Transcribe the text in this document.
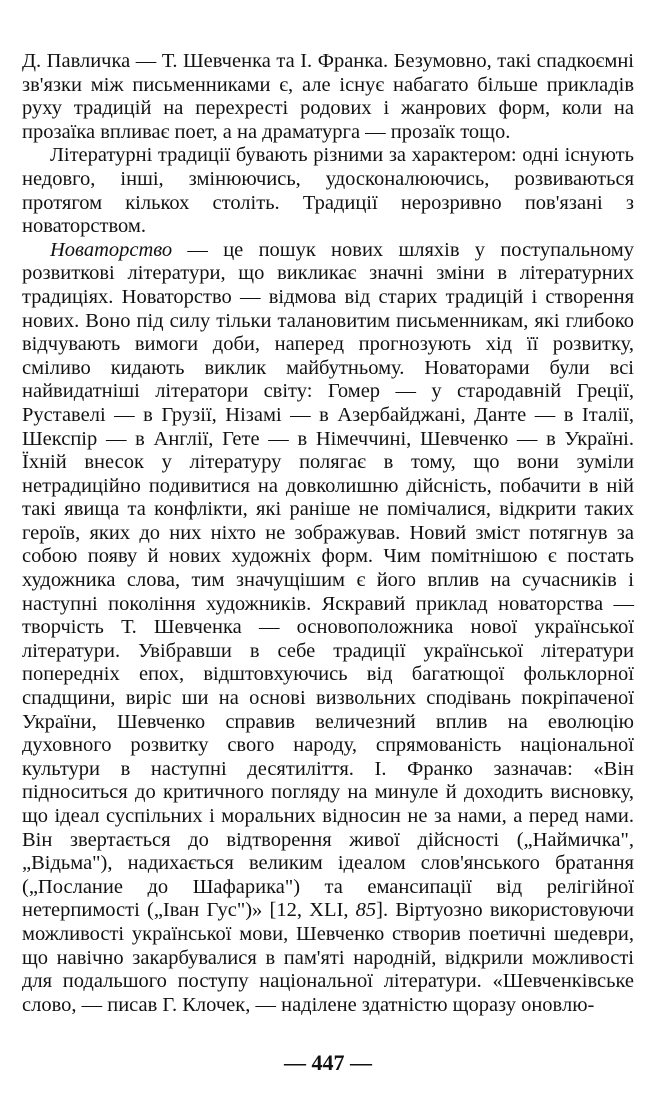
Д. Павличка — Т. Шевченка та І. Франка. Безумовно, такі спадкоємні зв'язки між письменниками є, але існує набагато більше прикладів руху традицій на перехресті родових і жанрових форм, коли на прозаїка впливає поет, а на драматурга — прозаїк тощо.

Літературні традиції бувають різними за характером: одні існують недовго, інші, змінюючись, удосконалюючись, розвиваються протягом кількох століть. Традиції нерозривно пов'язані з новаторством.

Новаторство — це пошук нових шляхів у поступальному розвиткові літератури, що викликає значні зміни в літературних традиціях. Новаторство — відмова від старих традицій і створення нових. Воно під силу тільки талановитим письменникам, які глибоко відчувають вимоги доби, наперед прогнозують хід її розвитку, сміливо кидають виклик майбутньому. Новаторами були всі найвидатніші літератори світу: Гомер — у стародавній Греції, Руставелі — в Грузії, Нізамі — в Азербайджані, Данте — в Італії, Шекспір — в Англії, Гете — в Німеччині, Шевченко — в Україні. Їхній внесок у літературу полягає в тому, що вони зуміли нетрадиційно подивитися на довколишню дійсність, побачити в ній такі явища та конфлікти, які раніше не помічалися, відкрити таких героїв, яких до них ніхто не зображував. Новий зміст потягнув за собою появу й нових художніх форм. Чим помітнішою є постать художника слова, тим значущішим є його вплив на сучасників і наступні покоління художників. Яскравий приклад новаторства — творчість Т. Шевченка — основоположника нової української літератури. Увібравши в себе традиції української літератури попередніх епох, відштовхуючись від багатющої фольклорної спадщини, виріс ши на основі визвольних сподівань покріпаченої України, Шевченко справив величезний вплив на еволюцію духовного розвитку свого народу, спрямованість національної культури в наступні десятиліття. І. Франко зазначав: «Він підноситься до критичного погляду на минуле й доходить висновку, що ідеал суспільних і моральних відносин не за нами, а перед нами. Він звертається до відтворення живої дійсності („Наймичка", „Відьма"), надихається великим ідеалом слов'янського братання („Послание до Шафарика") та емансипації від релігійної нетерпимості („Іван Гус")» [12, XLI, 85]. Віртуозно використовуючи можливості української мови, Шевченко створив поетичні шедеври, що навічно закарбувалися в пам'яті народній, відкрили можливості для подальшого поступу національної літератури. «Шевченківське слово, — писав Г. Клочек, — наділене здатністю щоразу оновлю-

— 447 —
